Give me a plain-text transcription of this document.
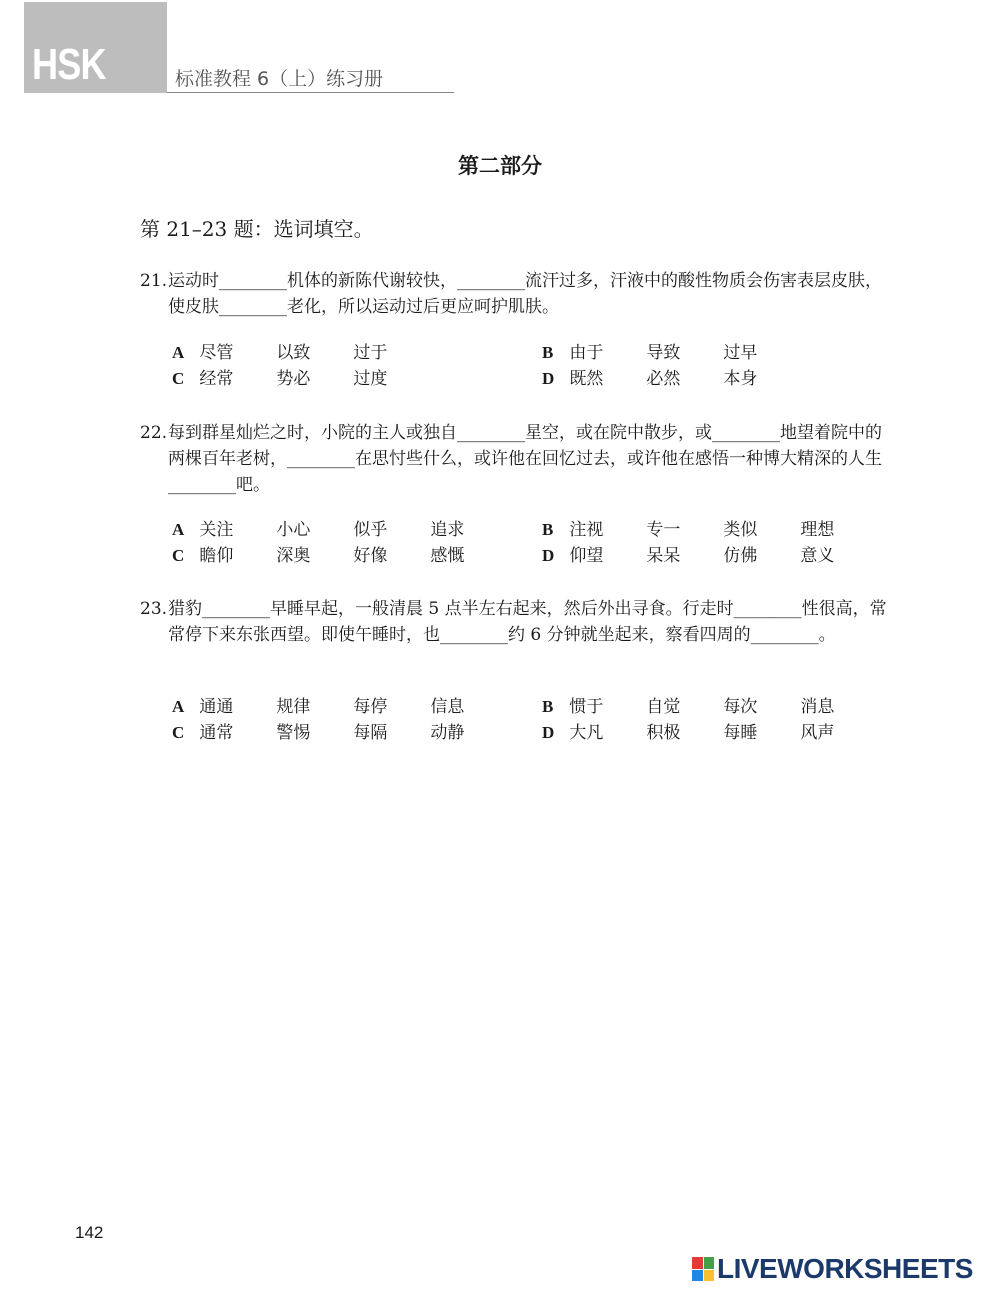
HSK	标准教程 6（上）练习册
第二部分
第 21–23 题：选词填空。
21. 运动时________机体的新陈代谢较快，________流汗过多，汗液中的酸性物质会伤害表层皮肤，使皮肤________老化，所以运动过后更应呵护肌肤。
A 尽管	以致	过于	B 由于	导致	过早
C 经常	势必	过度	D 既然	必然	本身
22. 每到群星灿烂之时，小院的主人或独自________星空，或在院中散步，或________地望着院中的两棵百年老树，________在思忖些什么，或许他在回忆过去，或许他在感悟一种博大精深的人生________吧。
A 关注	小心	似乎	追求	B 注视	专一	类似	理想
C 瞻仰	深奥	好像	感慨	D 仰望	呆呆	仿佛	意义
23. 猎豹________早睡早起，一般清晨 5 点半左右起来，然后外出寻食。行走时________性很高，常常停下来东张西望。即使午睡时，也________约 6 分钟就坐起来，察看四周的________。
A 通通	规律	每停	信息	B 惯于	自觉	每次	消息
C 通常	警惕	每隔	动静	D 大凡	积极	每睡	风声
142
LIVEWORKSHEETS
